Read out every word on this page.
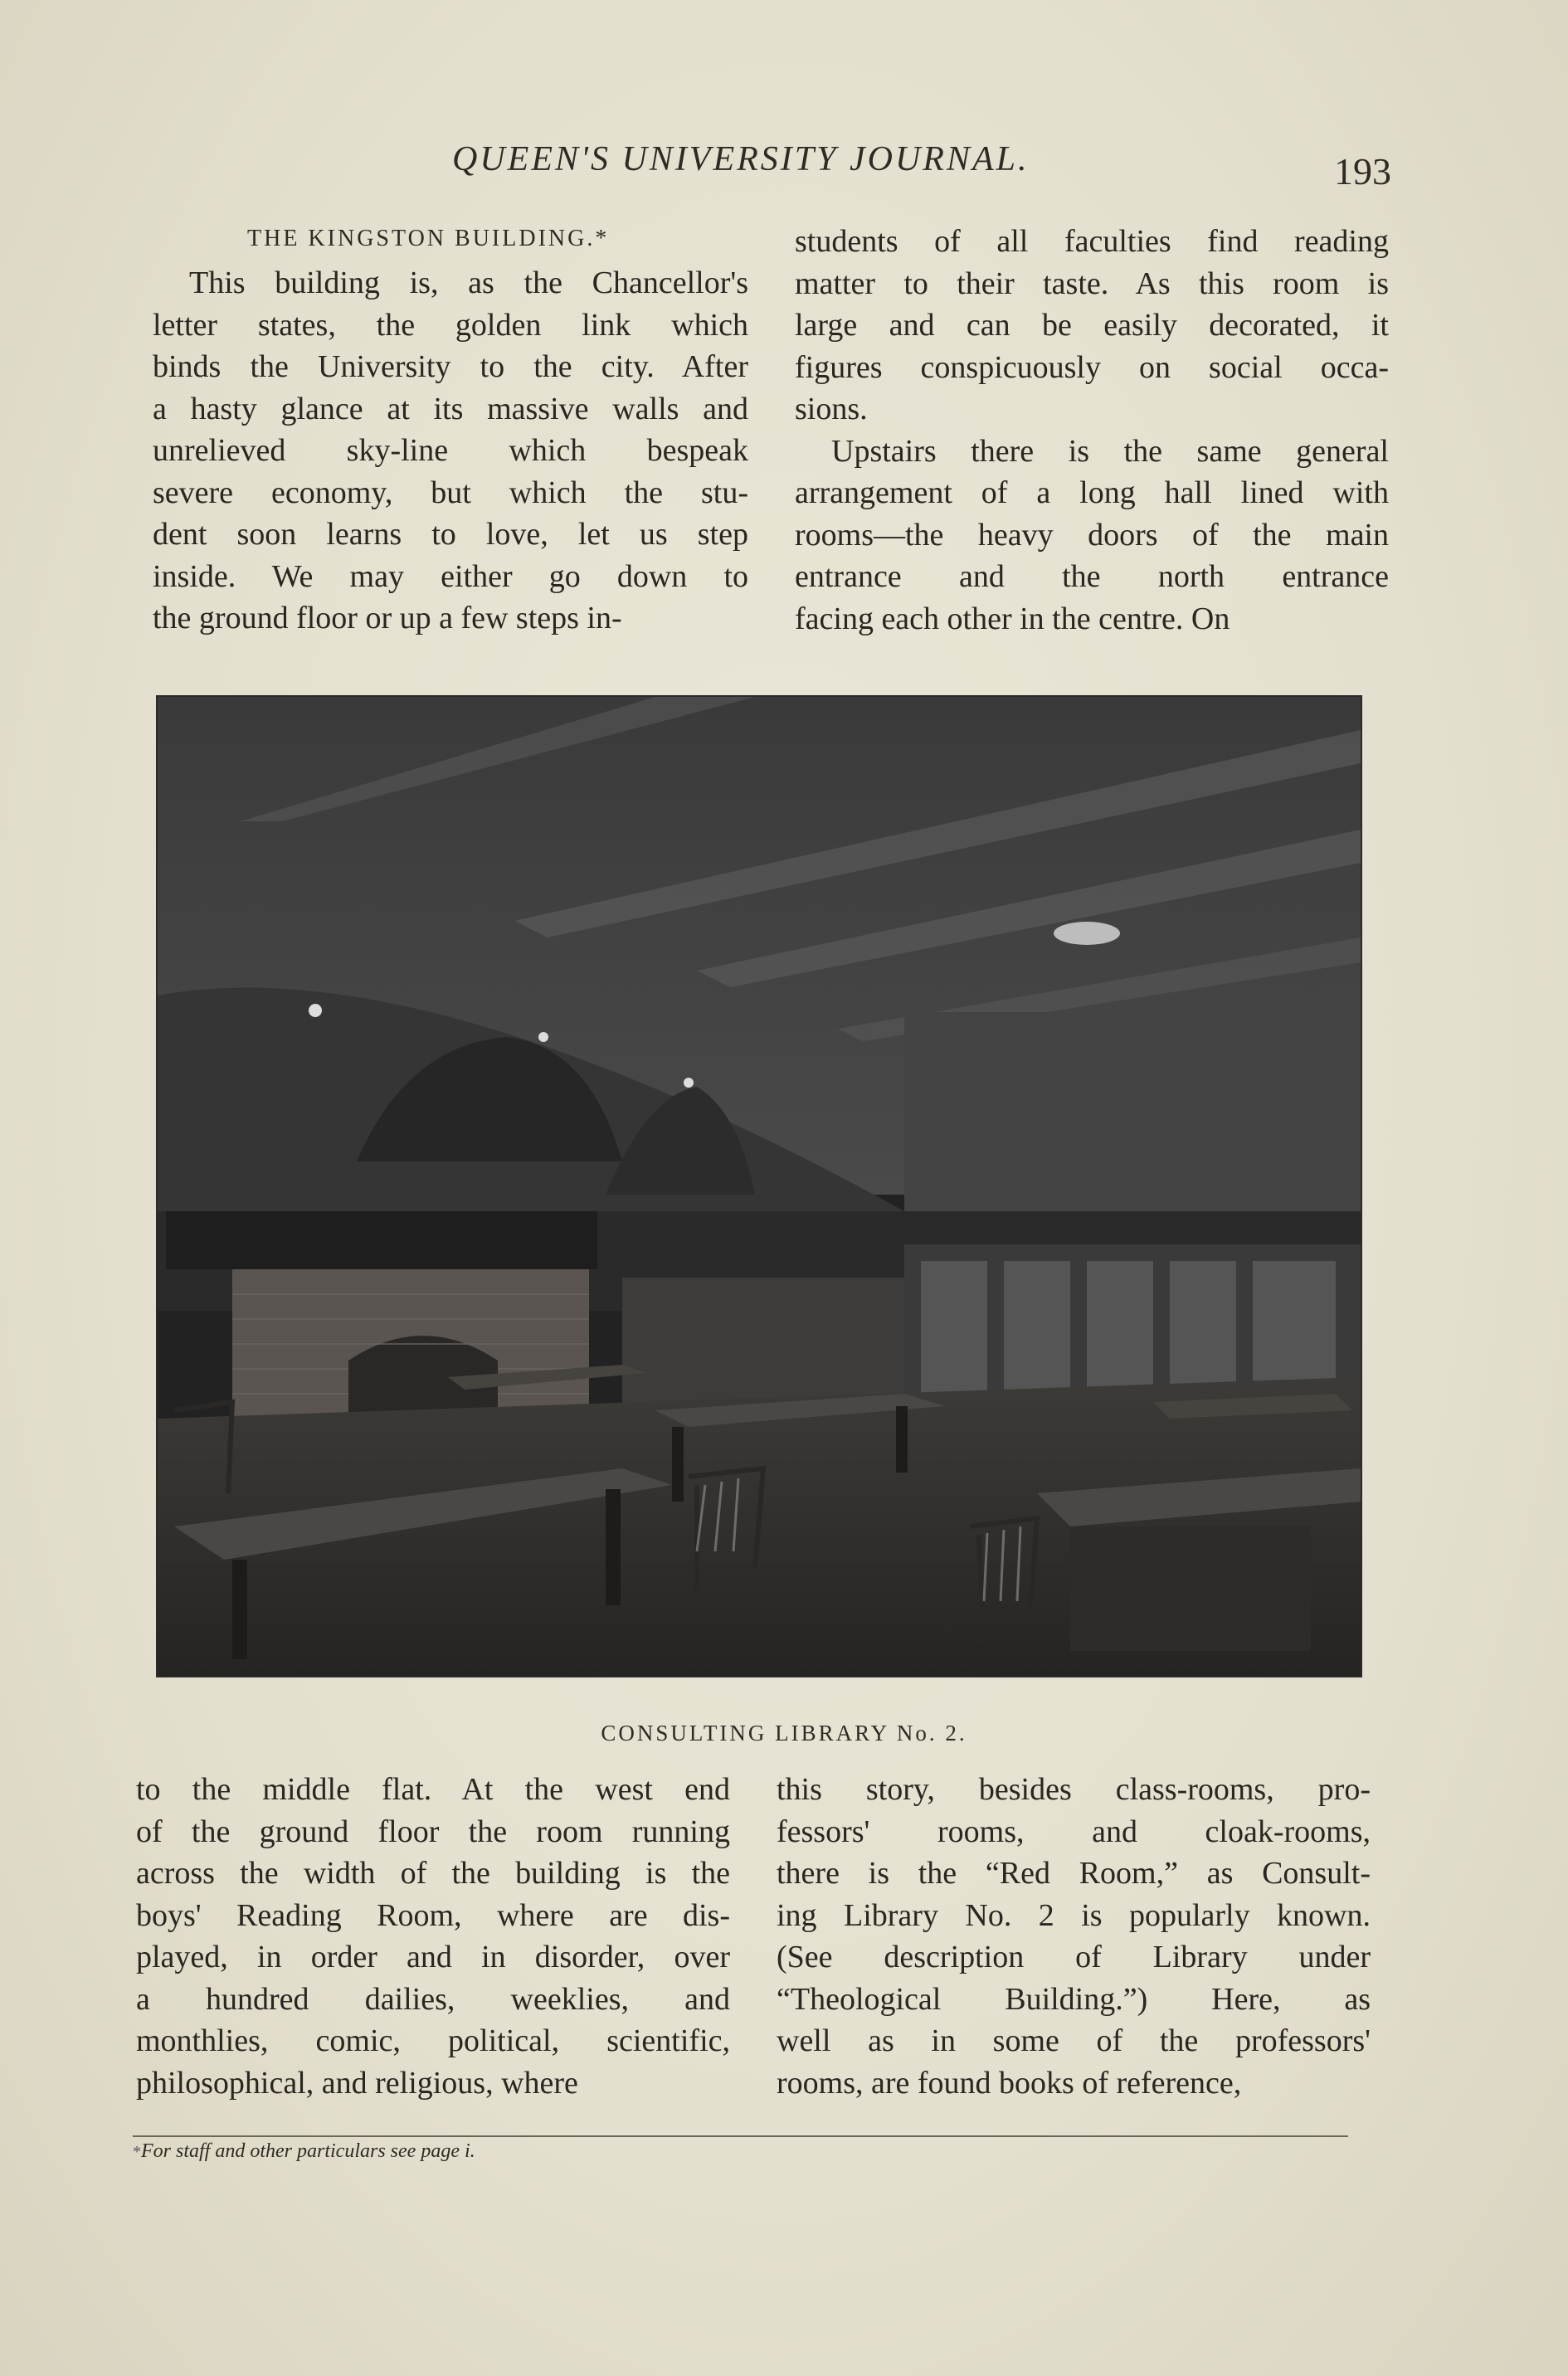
QUEEN'S UNIVERSITY JOURNAL.	193
THE KINGSTON BUILDING.*
This building is, as the Chancellor's
letter states, the golden link which
binds the University to the city. After
a hasty glance at its massive walls and
unrelieved sky-line which bespeak
severe economy, but which the stu-
dent soon learns to love, let us step
inside. We may either go down to
the ground floor or up a few steps in-
students of all faculties find reading
matter to their taste. As this room is
large and can be easily decorated, it
figures conspicuously on social occa-
sions.
Upstairs there is the same general
arrangement of a long hall lined with
rooms—the heavy doors of the main
entrance and the north entrance
facing each other in the centre. On
CONSULTING LIBRARY No. 2.
to the middle flat. At the west end
of the ground floor the room running
across the width of the building is the
boys' Reading Room, where are dis-
played, in order and in disorder, over
a hundred dailies, weeklies, and
monthlies, comic, political, scientific,
philosophical, and religious, where
this story, besides class-rooms, pro-
fessors' rooms, and cloak-rooms,
there is the “Red Room,” as Consult-
ing Library No. 2 is popularly known.
(See description of Library under
“Theological Building.”) Here, as
well as in some of the professors'
rooms, are found books of reference,
*For staff and other particulars see page i.
